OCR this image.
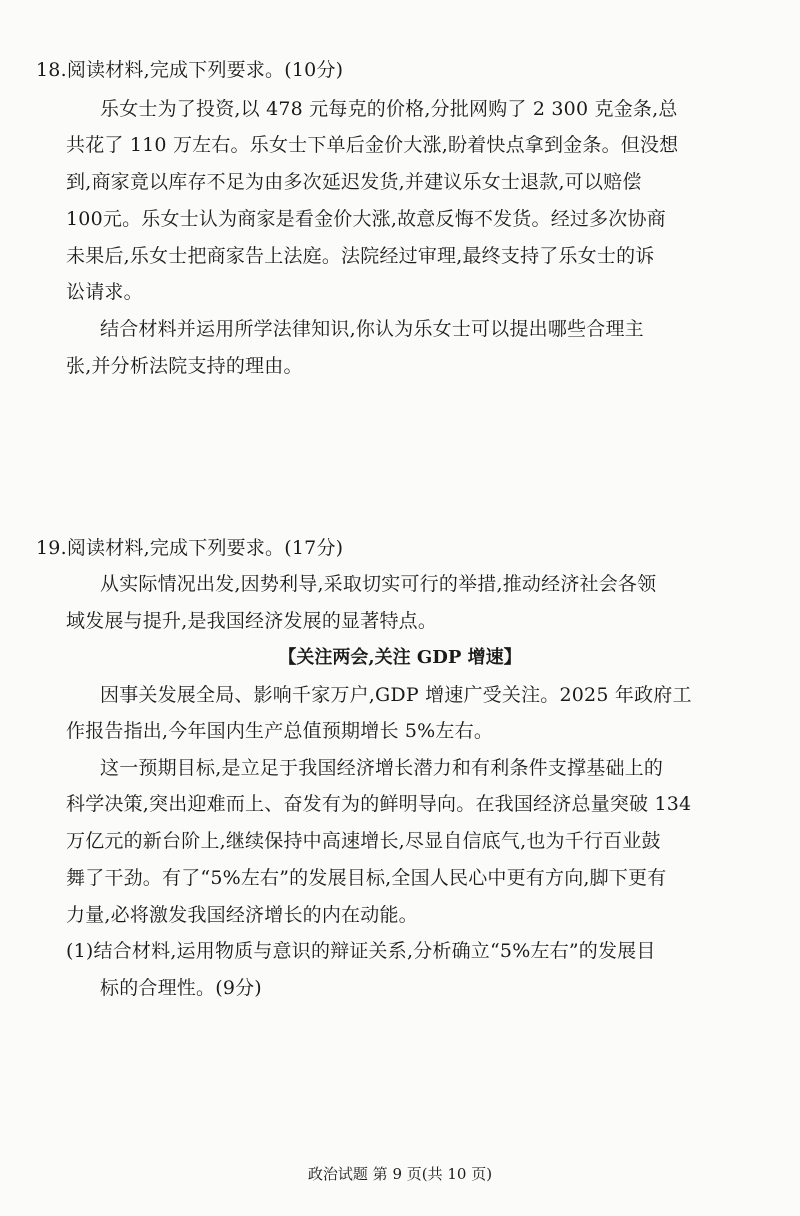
18.阅读材料,完成下列要求。(10分)
乐女士为了投资,以 478 元每克的价格,分批网购了 2 300 克金条,总
共花了 110 万左右。乐女士下单后金价大涨,盼着快点拿到金条。但没想
到,商家竟以库存不足为由多次延迟发货,并建议乐女士退款,可以赔偿
100元。乐女士认为商家是看金价大涨,故意反悔不发货。经过多次协商
未果后,乐女士把商家告上法庭。法院经过审理,最终支持了乐女士的诉
讼请求。
结合材料并运用所学法律知识,你认为乐女士可以提出哪些合理主
张,并分析法院支持的理由。
19.阅读材料,完成下列要求。(17分)
从实际情况出发,因势利导,采取切实可行的举措,推动经济社会各领
域发展与提升,是我国经济发展的显著特点。
【关注两会,关注 GDP 增速】
因事关发展全局、影响千家万户,GDP 增速广受关注。2025 年政府工
作报告指出,今年国内生产总值预期增长 5%左右。
这一预期目标,是立足于我国经济增长潜力和有利条件支撑基础上的
科学决策,突出迎难而上、奋发有为的鲜明导向。在我国经济总量突破 134
万亿元的新台阶上,继续保持中高速增长,尽显自信底气,也为千行百业鼓
舞了干劲。有了“5%左右”的发展目标,全国人民心中更有方向,脚下更有
力量,必将激发我国经济增长的内在动能。
(1)结合材料,运用物质与意识的辩证关系,分析确立“5%左右”的发展目
标的合理性。(9分)
政治试题 第 9 页(共 10 页)
